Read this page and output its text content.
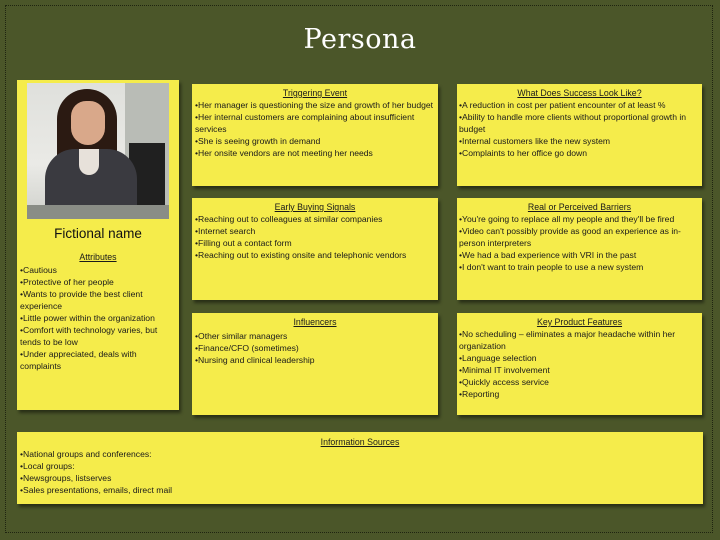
Persona
Fictional name
Attributes
• Cautious
• Protective of her people
• Wants to provide the best client experience
• Little power within the organization
• Comfort with technology varies, but tends to be low
• Under appreciated, deals with complaints
Triggering Event
• Her manager is questioning the size and growth of her budget
• Her internal customers are complaining about insufficient services
• She is seeing growth in demand
• Her onsite vendors are not meeting her needs
What Does Success Look Like?
• A reduction in cost per patient encounter of at least %
• Ability to handle more clients without proportional growth in budget
• Internal customers like the new system
• Complaints to her office go down
Early Buying Signals
• Reaching out to colleagues at similar companies
• Internet search
• Filling out a contact form
• Reaching out to existing onsite and telephonic vendors
Real or Perceived Barriers
• You're going to replace all my people and they'll be fired
• Video can't possibly provide as good an experience as in-person interpreters
• We had a bad experience with VRI in the past
• I don't want to train people to use a new system
Influencers
• Other similar managers
• Finance/CFO (sometimes)
• Nursing and clinical leadership
Key Product Features
• No scheduling – eliminates a major headache within her organization
• Language selection
• Minimal IT involvement
• Quickly access service
• Reporting
Information Sources
• National groups and conferences:
• Local groups:
• Newsgroups, listserves
• Sales presentations, emails, direct mail
